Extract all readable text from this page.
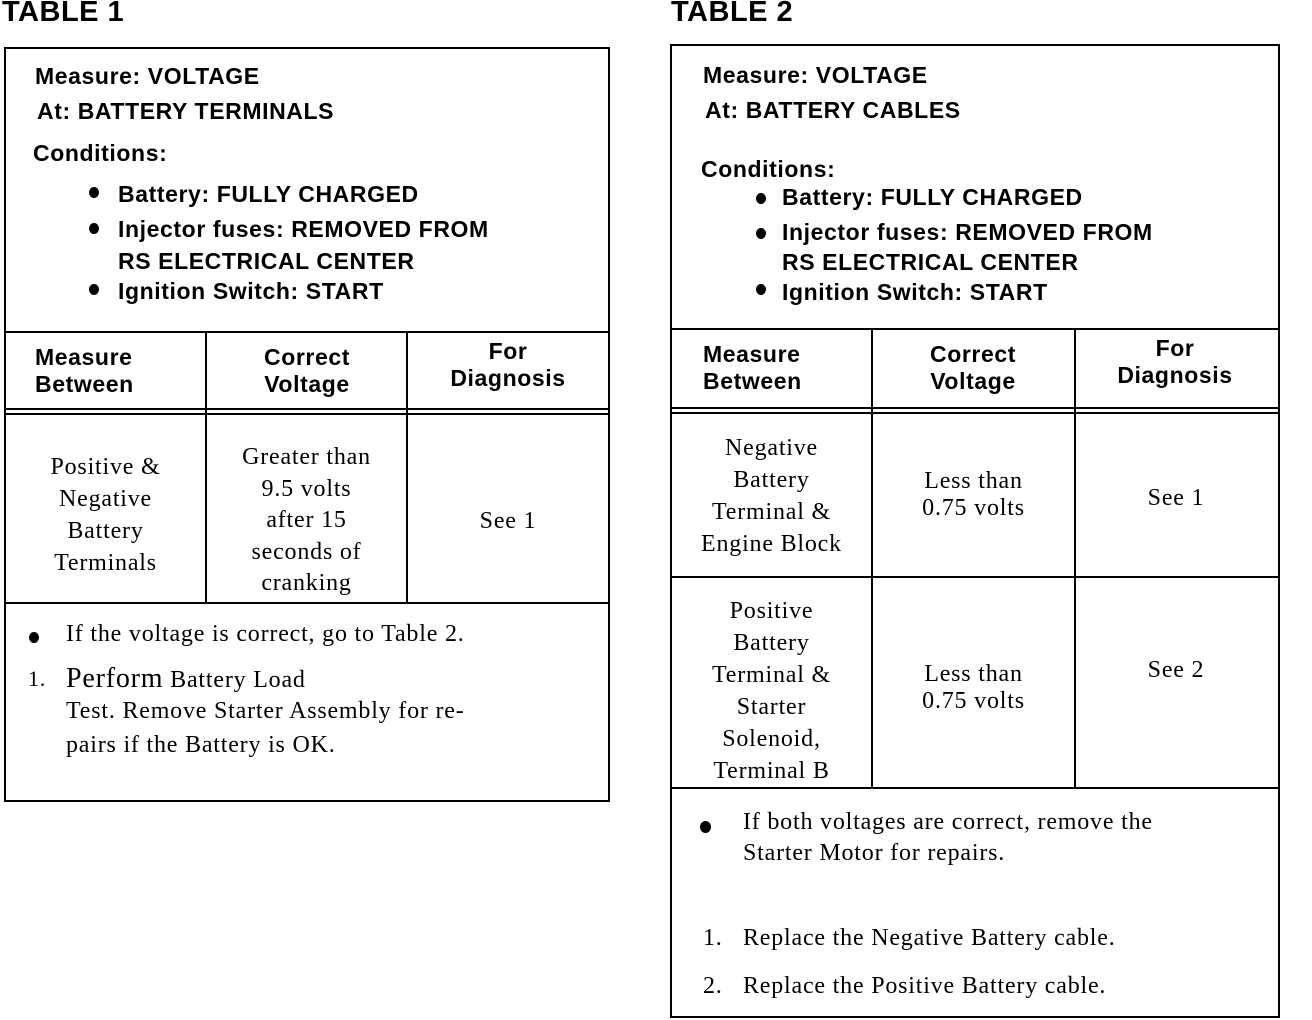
TABLE 1
Measure: VOLTAGE
At: BATTERY TERMINALS
Conditions:
Battery: FULLY CHARGED
Injector fuses: REMOVED FROM
RS ELECTRICAL CENTER
Ignition Switch: START
Measure
Between
Correct
Voltage
For
Diagnosis
Positive &
Negative
Battery
Terminals
Greater than
9.5 volts
after 15
seconds of
cranking
See 1
If the voltage is correct, go to Table 2.
1. Perform Battery Load
Test. Remove Starter Assembly for re-
pairs if the Battery is OK.
TABLE 2
Measure: VOLTAGE
At: BATTERY CABLES
Conditions:
Battery: FULLY CHARGED
Injector fuses: REMOVED FROM
RS ELECTRICAL CENTER
Ignition Switch: START
Measure
Between
Correct
Voltage
For
Diagnosis
Negative
Battery
Terminal &
Engine Block
Less than
0.75 volts	See 1
Positive
Battery
Terminal &
Starter
Solenoid,
Terminal B
Less than
0.75 volts
See 2
If both voltages are correct, remove the
Starter Motor for repairs.
1. Replace the Negative Battery cable.
2. Replace the Positive Battery cable.
